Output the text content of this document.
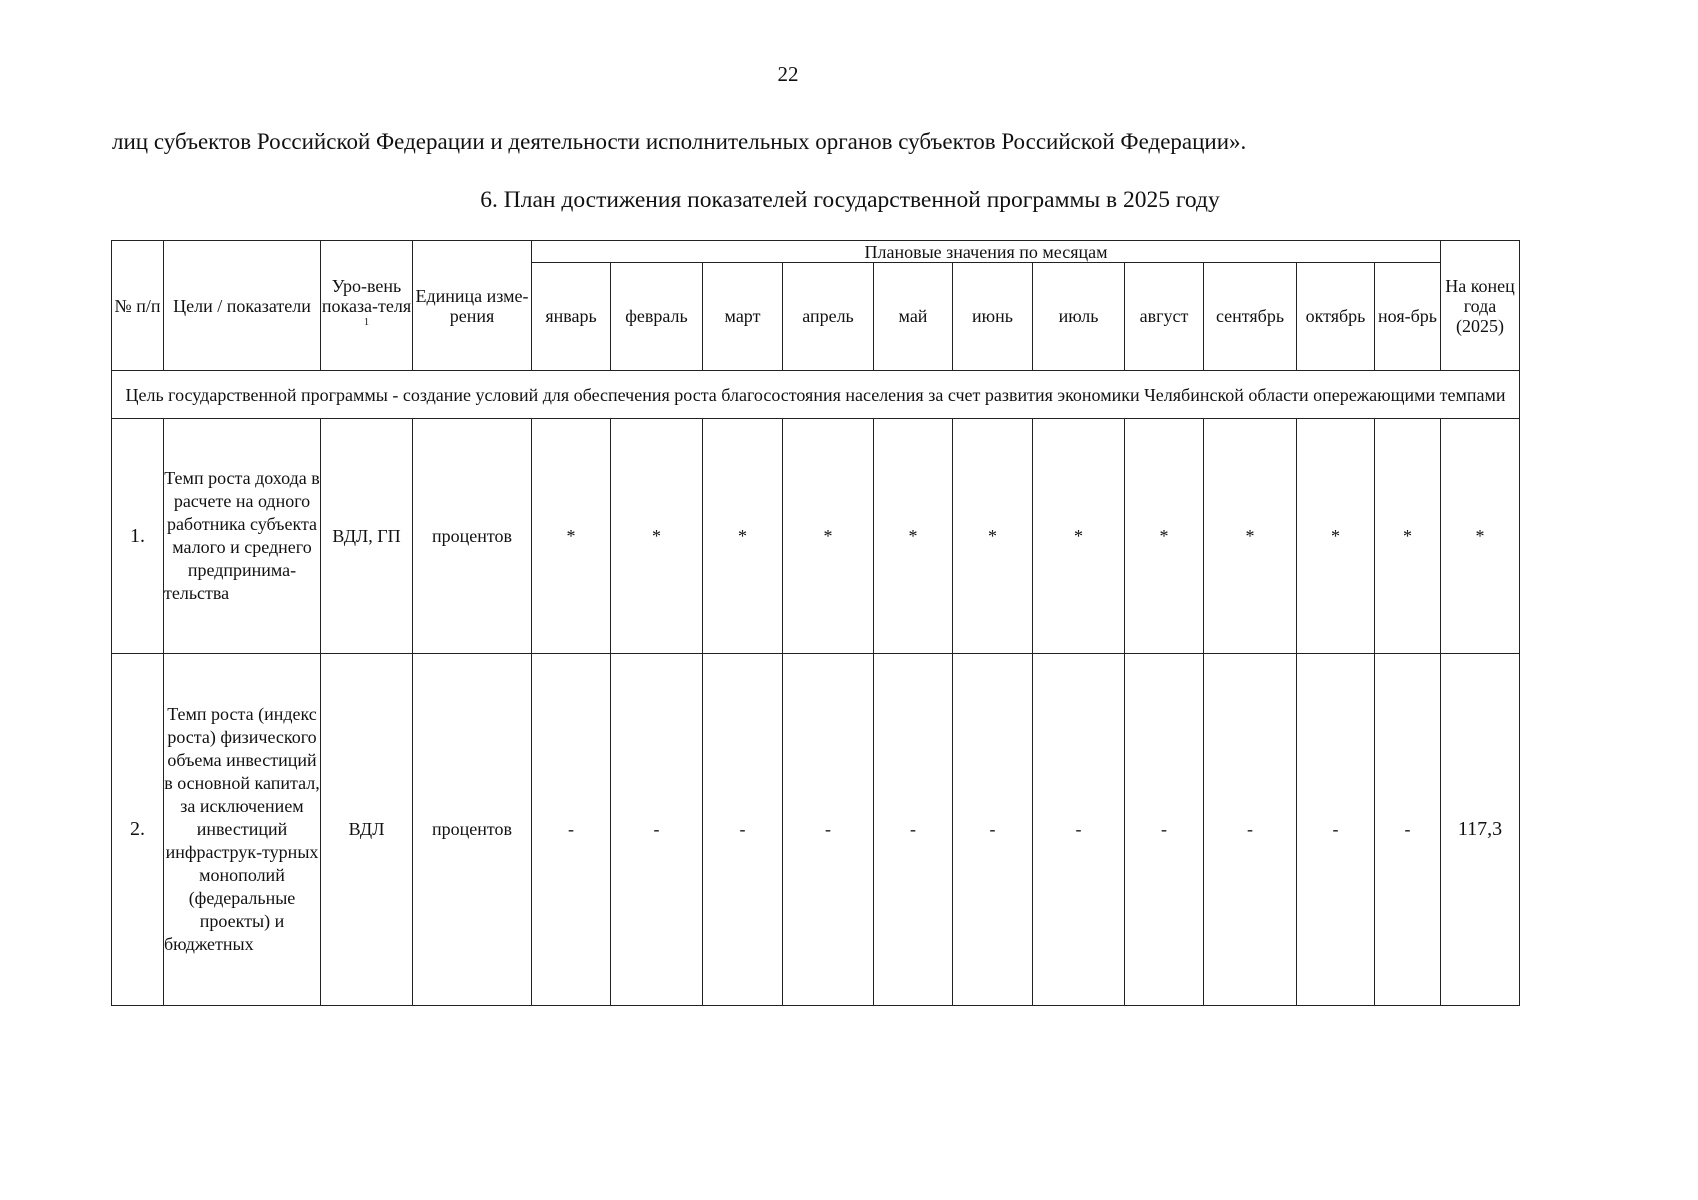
22
лиц субъектов Российской Федерации и деятельности исполнительных органов субъектов Российской Федерации».
6. План достижения показателей государственной программы в 2025 году
№ п/п	Цели / показатели	Уро-вень показа-теля $^1$	Единица изме-рения	Плановые значения по месяцам											На конец года (2025)
				январь	февраль	март	апрель	май	июнь	июль	август	сентябрь	октябрь	ноя-брь	
Цель государственной программы - создание условий для обеспечения роста благосостояния населения за счет развития экономики Челябинской области опережающими темпами															
1.	Темп роста дохода в расчете на одного работника субъекта малого и среднего предпринима-тельства	ВДЛ, ГП	процентов	*	*	*	*	*	*	*	*	*	*	*	*
2.	Темп роста (индекс роста) физического объема инвестиций в основной капитал, за исключением инвестиций инфраструк-турных монополий (федеральные проекты) и бюджетных	ВДЛ	процентов	-	-	-	-	-	-	-	-	-	-	-	117,3
